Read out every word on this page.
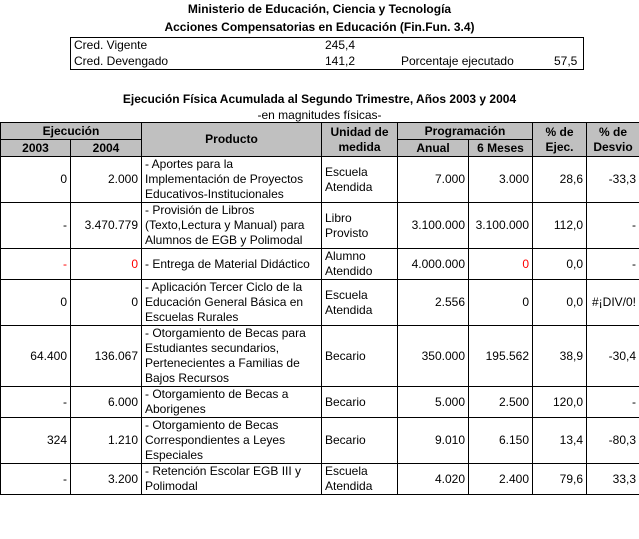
Ministerio de Educación, Ciencia y Tecnología
Acciones Compensatorias en Educación (Fin.Fun. 3.4)
Cred. Vigente	245,4
Cred. Devengado	141,2	Porcentaje ejecutado	57,5
Ejecución Física Acumulada al Segundo Trimestre, Años 2003 y 2004
-en magnitudes físicas-
Ejecución		Producto	Unidad de medida	Programación		% de Ejec.	% de Desvio
2003	2004			Anual	6 Meses		
0	2.000	- Aportes para la Implementación de Proyectos Educativos-Institucionales	Escuela Atendida	7.000	3.000	28,6	-33,3
-	3.470.779	- Provisión de Libros (Texto,Lectura y Manual) para Alumnos de EGB y Polimodal	Libro Provisto	3.100.000	3.100.000	112,0	-
-	0	- Entrega de Material Didáctico	Alumno Atendido	4.000.000	0	0,0	-
0	0	- Aplicación Tercer Ciclo de la Educación General Básica en Escuelas Rurales	Escuela Atendida	2.556	0	0,0	#¡DIV/0!
64.400	136.067	- Otorgamiento de Becas para Estudiantes secundarios, Pertenecientes a Familias de Bajos Recursos	Becario	350.000	195.562	38,9	-30,4
-	6.000	- Otorgamiento de Becas a Aborigenes	Becario	5.000	2.500	120,0	-
324	1.210	- Otorgamiento de Becas Correspondientes a Leyes Especiales	Becario	9.010	6.150	13,4	-80,3
-	3.200	- Retención Escolar EGB III y Polimodal	Escuela Atendida	4.020	2.400	79,6	33,3
